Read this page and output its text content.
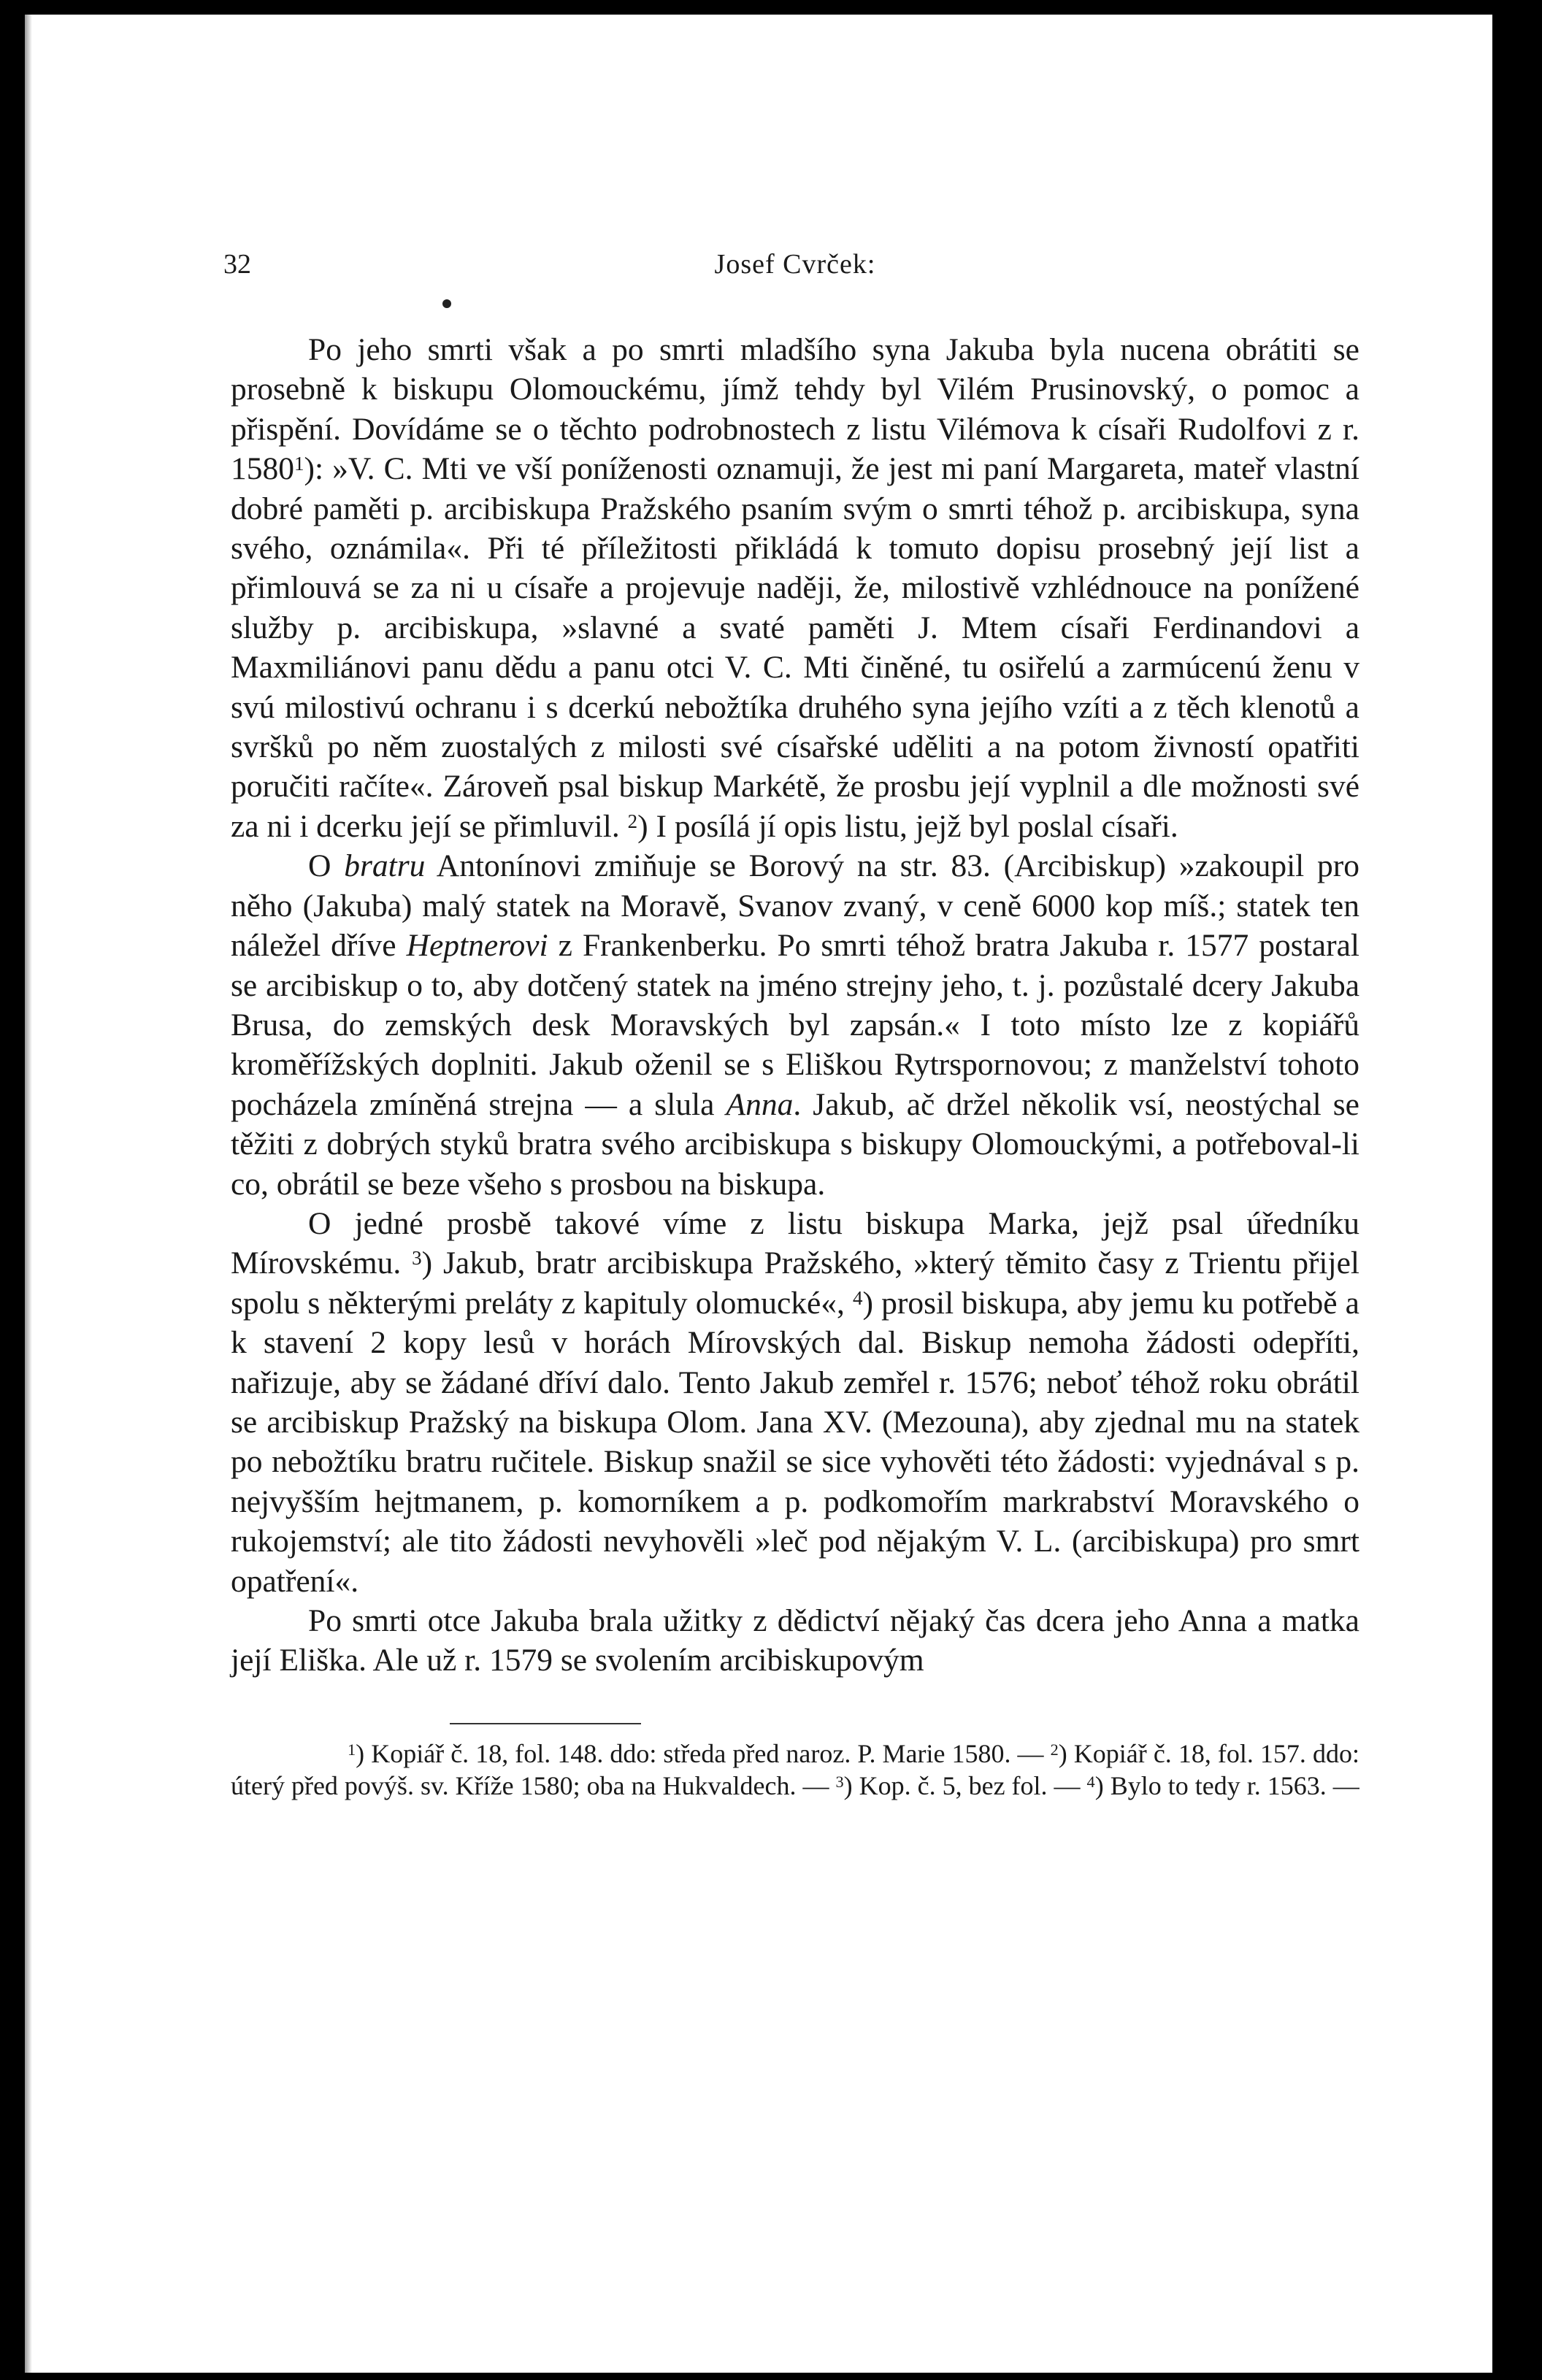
32	Josef Cvrček:

Po jeho smrti však a po smrti mladšího syna Jakuba byla nucena obrátiti se prosebně k biskupu Olomouckému, jímž tehdy byl Vilém Prusinovský, o pomoc a přispění. Dovídáme se o těchto podrobnostech z listu Vilémova k císaři Rudolfovi z r. 1580$^1$): »V. C. Mti ve vší poníženosti oznamuji, že jest mi paní Margareta, mateř vlastní dobré paměti p. arcibiskupa Pražského psaním svým o smrti téhož p. arcibiskupa, syna svého, oznámila«. Při té příležitosti přikládá k tomuto dopisu prosebný její list a přimlouvá se za ni u císaře a projevuje naději, že, milostivě vzhlédnouce na ponížené služby p. arcibiskupa, »slavné a svaté paměti J. Mtem císaři Ferdinandovi a Maxmiliánovi panu dědu a panu otci V. C. Mti činěné, tu osiřelú a zarmúcenú ženu v svú milostivú ochranu i s dcerkú nebožtíka druhého syna jejího vzíti a z těch klenotů a svršků po něm zuostalých z milosti své císařské uděliti a na potom živností opatřiti poručiti račíte«. Zároveň psal biskup Markétě, že prosbu její vyplnil a dle možnosti své za ni i dcerku její se přimluvil. $^2$) I posílá jí opis listu, jejž byl poslal císaři.

O bratru Antonínovi zmiňuje se Borový na str. 83. (Arcibiskup) »zakoupil pro něho (Jakuba) malý statek na Moravě, Svanov zvaný, v ceně 6000 kop míš.; statek ten náležel dříve Heptnerovi z Frankenberku. Po smrti téhož bratra Jakuba r. 1577 postaral se arcibiskup o to, aby dotčený statek na jméno strejny jeho, t. j. pozůstalé dcery Jakuba Brusa, do zemských desk Moravských byl zapsán.« I toto místo lze z kopiářů kroměřížských doplniti. Jakub oženil se s Eliškou Rytrspornovou; z manželství tohoto pocházela zmíněná strejna — a slula Anna. Jakub, ač držel několik vsí, neostýchal se těžiti z dobrých styků bratra svého arcibiskupa s biskupy Olomouckými, a potřeboval-li co, obrátil se beze všeho s prosbou na biskupa.

O jedné prosbě takové víme z listu biskupa Marka, jejž psal úředníku Mírovskému. $^3$) Jakub, bratr arcibiskupa Pražského, »který těmito časy z Trientu přijel spolu s některými preláty z kapituly olomucké«, $^4$) prosil biskupa, aby jemu ku potřebě a k stavení 2 kopy lesů v horách Mírovských dal. Biskup nemoha žádosti odepříti, nařizuje, aby se žádané dříví dalo. Tento Jakub zemřel r. 1576; neboť téhož roku obrátil se arcibiskup Pražský na biskupa Olom. Jana XV. (Mezouna), aby zjednal mu na statek po nebožtíku bratru ručitele. Biskup snažil se sice vyhověti této žádosti: vyjednával s p. nejvyšším hejtmanem, p. komorníkem a p. podkomořím markrabství Moravského o rukojemství; ale tito žádosti nevyhověli »leč pod nějakým V. L. (arcibiskupa) pro smrt opatření«.

Po smrti otce Jakuba brala užitky z dědictví nějaký čas dcera jeho Anna a matka její Eliška. Ale už r. 1579 se svolením arcibiskupovým

$^1$) Kopiář č. 18, fol. 148. ddo: středa před naroz. P. Marie 1580. — $^2$) Kopiář č. 18, fol. 157. ddo: úterý před povýš. sv. Kříže 1580; oba na Hukvaldech. — $^3$) Kop. č. 5, bez fol. — $^4$) Bylo to tedy r. 1563. —
